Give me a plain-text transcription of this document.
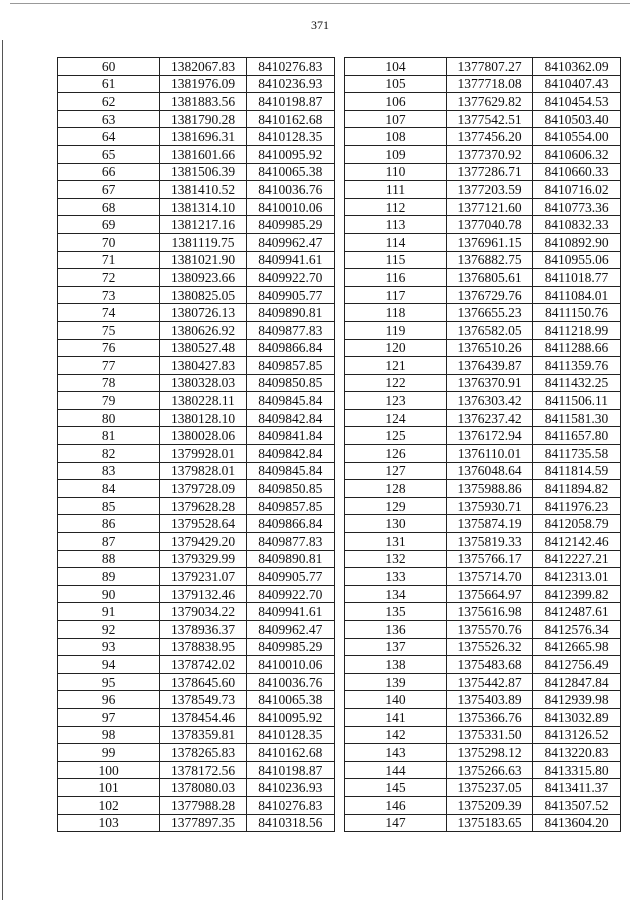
371
60	1382067.83	8410276.83
61	1381976.09	8410236.93
62	1381883.56	8410198.87
63	1381790.28	8410162.68
64	1381696.31	8410128.35
65	1381601.66	8410095.92
66	1381506.39	8410065.38
67	1381410.52	8410036.76
68	1381314.10	8410010.06
69	1381217.16	8409985.29
70	1381119.75	8409962.47
71	1381021.90	8409941.61
72	1380923.66	8409922.70
73	1380825.05	8409905.77
74	1380726.13	8409890.81
75	1380626.92	8409877.83
76	1380527.48	8409866.84
77	1380427.83	8409857.85
78	1380328.03	8409850.85
79	1380228.11	8409845.84
80	1380128.10	8409842.84
81	1380028.06	8409841.84
82	1379928.01	8409842.84
83	1379828.01	8409845.84
84	1379728.09	8409850.85
85	1379628.28	8409857.85
86	1379528.64	8409866.84
87	1379429.20	8409877.83
88	1379329.99	8409890.81
89	1379231.07	8409905.77
90	1379132.46	8409922.70
91	1379034.22	8409941.61
92	1378936.37	8409962.47
93	1378838.95	8409985.29
94	1378742.02	8410010.06
95	1378645.60	8410036.76
96	1378549.73	8410065.38
97	1378454.46	8410095.92
98	1378359.81	8410128.35
99	1378265.83	8410162.68
100	1378172.56	8410198.87
101	1378080.03	8410236.93
102	1377988.28	8410276.83
103	1377897.35	8410318.56
104	1377807.27	8410362.09
105	1377718.08	8410407.43
106	1377629.82	8410454.53
107	1377542.51	8410503.40
108	1377456.20	8410554.00
109	1377370.92	8410606.32
110	1377286.71	8410660.33
111	1377203.59	8410716.02
112	1377121.60	8410773.36
113	1377040.78	8410832.33
114	1376961.15	8410892.90
115	1376882.75	8410955.06
116	1376805.61	8411018.77
117	1376729.76	8411084.01
118	1376655.23	8411150.76
119	1376582.05	8411218.99
120	1376510.26	8411288.66
121	1376439.87	8411359.76
122	1376370.91	8411432.25
123	1376303.42	8411506.11
124	1376237.42	8411581.30
125	1376172.94	8411657.80
126	1376110.01	8411735.58
127	1376048.64	8411814.59
128	1375988.86	8411894.82
129	1375930.71	8411976.23
130	1375874.19	8412058.79
131	1375819.33	8412142.46
132	1375766.17	8412227.21
133	1375714.70	8412313.01
134	1375664.97	8412399.82
135	1375616.98	8412487.61
136	1375570.76	8412576.34
137	1375526.32	8412665.98
138	1375483.68	8412756.49
139	1375442.87	8412847.84
140	1375403.89	8412939.98
141	1375366.76	8413032.89
142	1375331.50	8413126.52
143	1375298.12	8413220.83
144	1375266.63	8413315.80
145	1375237.05	8413411.37
146	1375209.39	8413507.52
147	1375183.65	8413604.20
